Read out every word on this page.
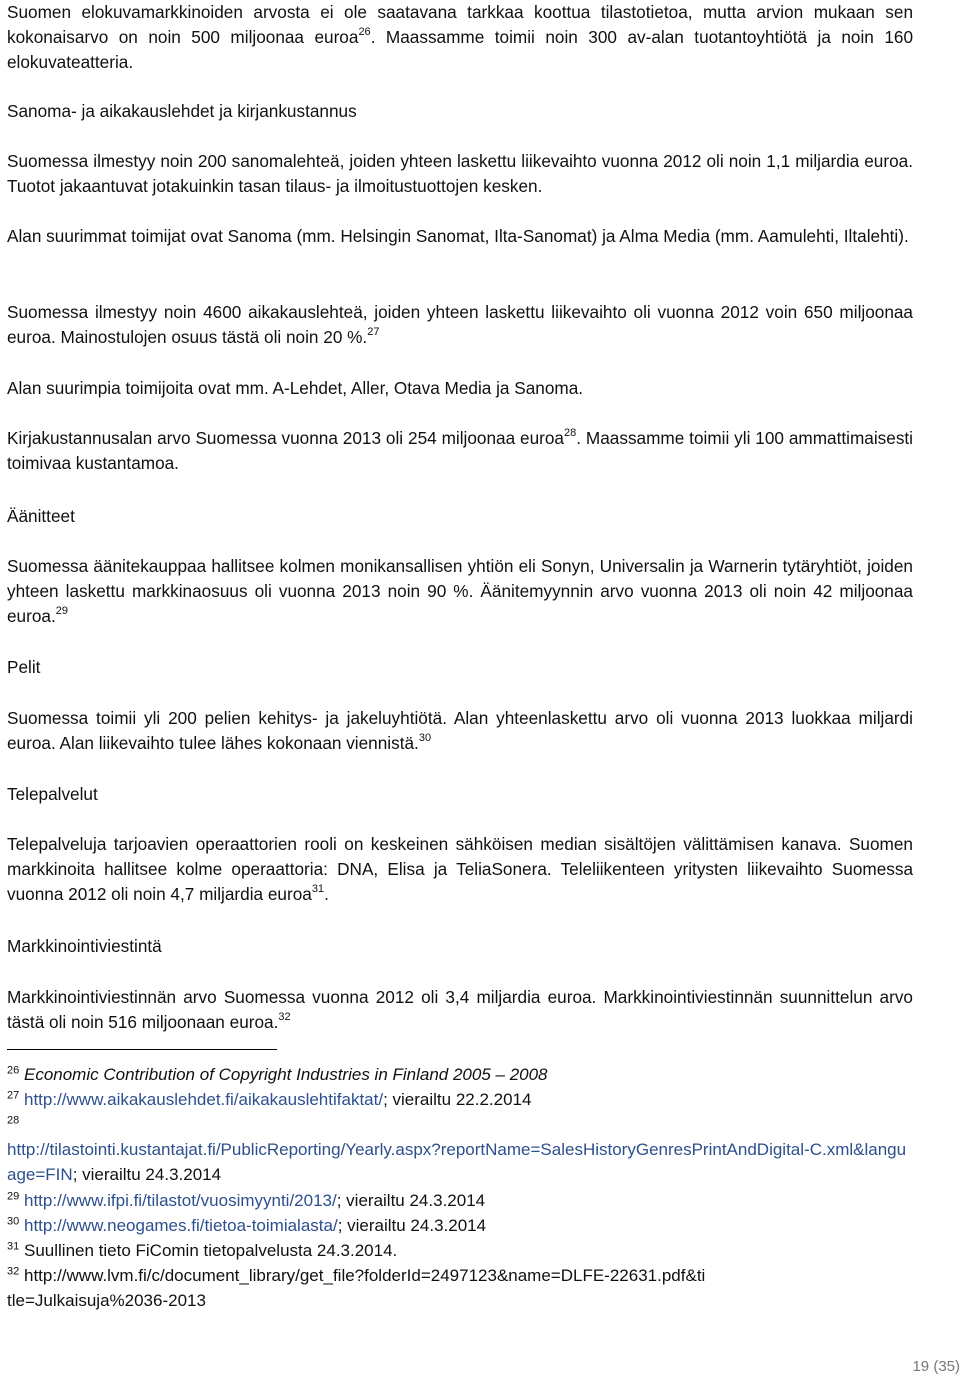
Suomen elokuvamarkkinoiden arvosta ei ole saatavana tarkkaa koottua tilastotietoa, mutta arvion mukaan sen kokonaisarvo on noin 500 miljoonaa euroa$^{26}$. Maassamme toimii noin 300 av-alan tuotantoyhtiötä ja noin 160 elokuvateatteria.

Sanoma- ja aikakauslehdet ja kirjankustannus

Suomessa ilmestyy noin 200 sanomalehteä, joiden yhteen laskettu liikevaihto vuonna 2012 oli noin 1,1 miljardia euroa. Tuotot jakaantuvat jotakuinkin tasan tilaus- ja ilmoitustuottojen kesken.

Alan suurimmat toimijat ovat Sanoma (mm. Helsingin Sanomat, Ilta-Sanomat) ja Alma Media (mm. Aamulehti, Iltalehti).

Suomessa ilmestyy noin 4600 aikakauslehteä, joiden yhteen laskettu liikevaihto oli vuonna 2012 voin 650 miljoonaa euroa. Mainostulojen osuus tästä oli noin 20 %.$^{27}$

Alan suurimpia toimijoita ovat mm. A-Lehdet, Aller, Otava Media ja Sanoma.

Kirjakustannusalan arvo Suomessa vuonna 2013 oli 254 miljoonaa euroa$^{28}$. Maassamme toimii yli 100 ammattimaisesti toimivaa kustantamoa.

Äänitteet

Suomessa äänitekauppaa hallitsee kolmen monikansallisen yhtiön eli Sonyn, Universalin ja Warnerin tytäryhtiöt, joiden yhteen laskettu markkinaosuus oli vuonna 2013 noin 90 %. Äänitemyynnin arvo vuonna 2013 oli noin 42 miljoonaa euroa.$^{29}$

Pelit

Suomessa toimii yli 200 pelien kehitys- ja jakeluyhtiötä. Alan yhteenlaskettu arvo oli vuonna 2013 luokkaa miljardi euroa. Alan liikevaihto tulee lähes kokonaan viennistä.$^{30}$

Telepalvelut

Telepalveluja tarjoavien operaattorien rooli on keskeinen sähköisen median sisältöjen välittämisen kanava. Suomen markkinoita hallitsee kolme operaattoria: DNA, Elisa ja TeliaSonera. Teleliikenteen yritysten liikevaihto Suomessa vuonna 2012 oli noin 4,7 miljardia euroa$^{31}$.

Markkinointiviestintä

Markkinointiviestinnän arvo Suomessa vuonna 2012 oli 3,4 miljardia euroa. Markkinointiviestinnän suunnittelun arvo tästä oli noin 516 miljoonaan euroa.$^{32}$

$^{26}$ Economic Contribution of Copyright Industries in Finland 2005 – 2008
$^{27}$ http://www.aikakauslehdet.fi/aikakauslehtifaktat/; vierailtu 22.2.2014
$^{28}$
http://tilastointi.kustantajat.fi/PublicReporting/Yearly.aspx?reportName=SalesHistoryGenresPrintAndDigital-C.xml&language=FIN; vierailtu 24.3.2014
$^{29}$ http://www.ifpi.fi/tilastot/vuosimyynti/2013/; vierailtu 24.3.2014
$^{30}$ http://www.neogames.fi/tietoa-toimialasta/; vierailtu 24.3.2014
$^{31}$ Suullinen tieto FiComin tietopalvelusta 24.3.2014.
$^{32}$ http://www.lvm.fi/c/document_library/get_file?folderId=2497123&name=DLFE-22631.pdf&title=Julkaisuja%2036-2013
19 (35)
